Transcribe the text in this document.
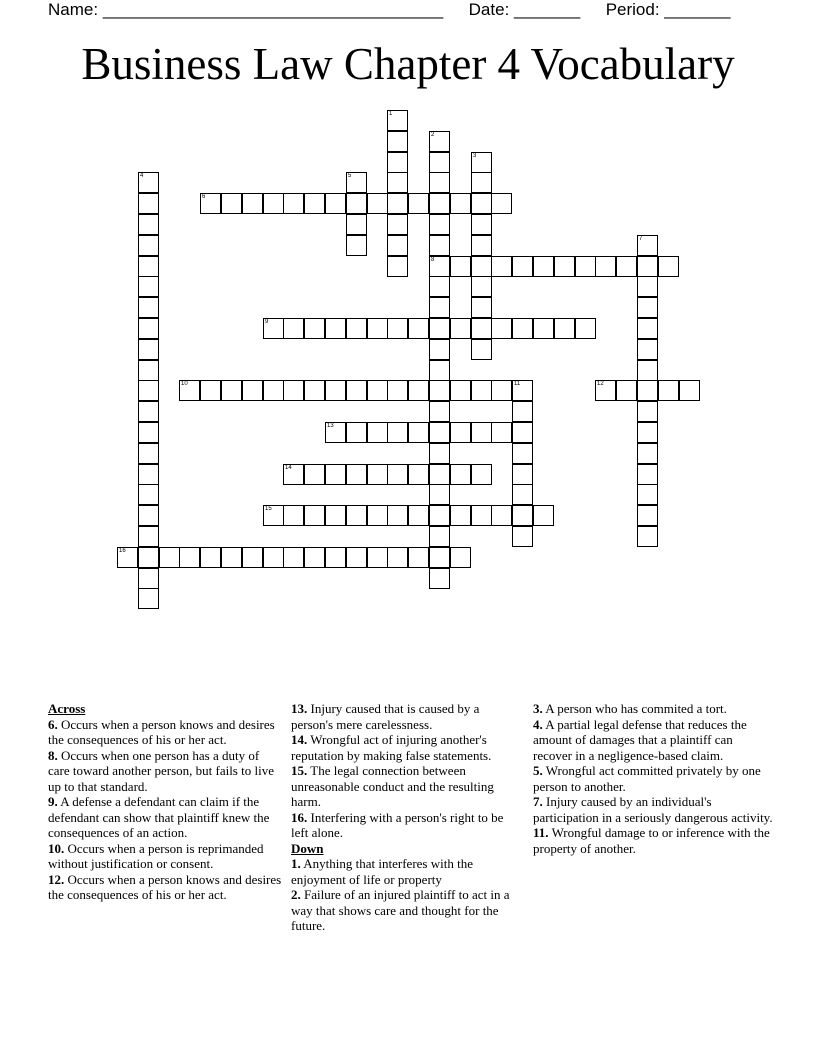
Name: ____________________________________ Date: _______ Period: _______
Business Law Chapter 4 Vocabulary
1
2
8
3
4	5
6
7
9
10	11	12
13
14
15
16

Across

6. Occurs when a person knows and desires the consequences of his or her act.

8. Occurs when one person has a duty of care toward another person, but fails to live up to that standard.

9. A defense a defendant can claim if the defendant can show that plaintiff knew the consequences of an action.

10. Occurs when a person is reprimanded without justification or consent.

12. Occurs when a person knows and desires the consequences of his or her act.

13. Injury caused that is caused by a person's mere carelessness.

14. Wrongful act of injuring another's reputation by making false statements.

15. The legal connection between unreasonable conduct and the resulting harm.

16. Interfering with a person's right to be left alone.

Down

1. Anything that interferes with the enjoyment of life or property

2. Failure of an injured plaintiff to act in a way that shows care and thought for the future.

3. A person who has commited a tort.

4. A partial legal defense that reduces the amount of damages that a plaintiff can recover in a negligence-based claim.

5. Wrongful act committed privately by one person to another.

7. Injury caused by an individual's participation in a seriously dangerous activity.

11. Wrongful damage to or inference with the property of another.
